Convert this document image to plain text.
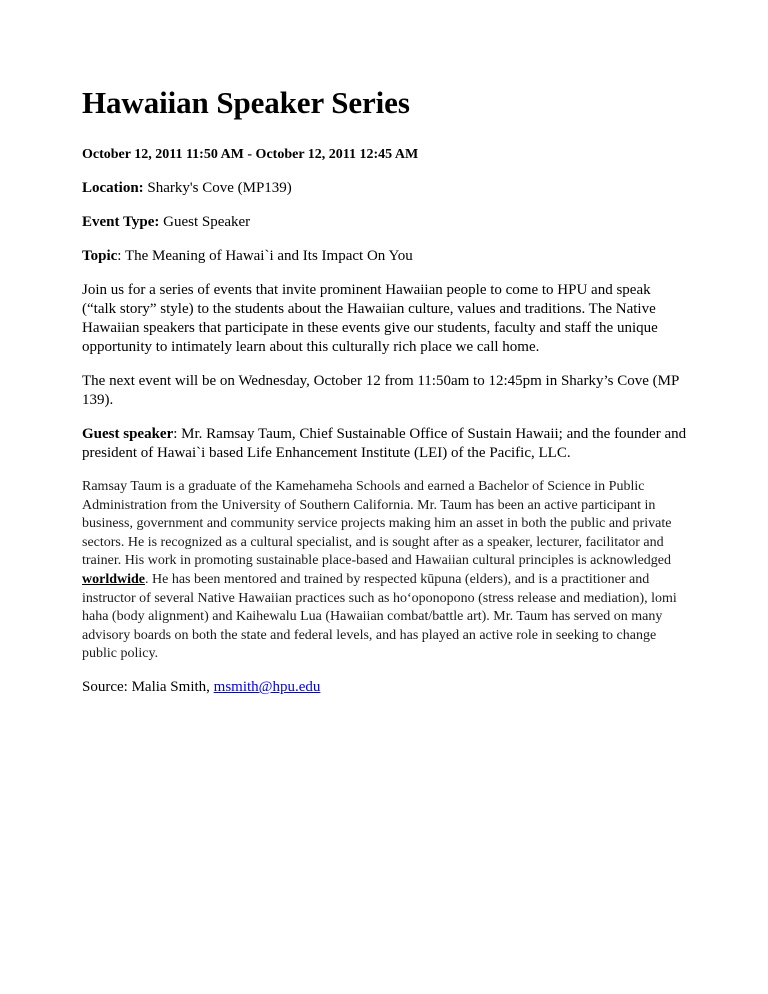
Hawaiian Speaker Series

October 12, 2011 11:50 AM - October 12, 2011 12:45 AM

Location: Sharky's Cove (MP139)

Event Type: Guest Speaker

Topic: The Meaning of Hawai`i and Its Impact On You

Join us for a series of events that invite prominent Hawaiian people to come to HPU and speak (“talk story” style) to the students about the Hawaiian culture, values and traditions. The Native Hawaiian speakers that participate in these events give our students, faculty and staff the unique opportunity to intimately learn about this culturally rich place we call home.

The next event will be on Wednesday, October 12 from 11:50am to 12:45pm in Sharky’s Cove (MP 139).

Guest speaker: Mr. Ramsay Taum, Chief Sustainable Office of Sustain Hawaii; and the founder and president of Hawai`i based Life Enhancement Institute (LEI) of the Pacific, LLC.

Ramsay Taum is a graduate of the Kamehameha Schools and earned a Bachelor of Science in Public Administration from the University of Southern California. Mr. Taum has been an active participant in business, government and community service projects making him an asset in both the public and private sectors. He is recognized as a cultural specialist, and is sought after as a speaker, lecturer, facilitator and trainer. His work in promoting sustainable place-based and Hawaiian cultural principles is acknowledged worldwide. He has been mentored and trained by respected kūpuna (elders), and is a practitioner and instructor of several Native Hawaiian practices such as hoʻoponopono (stress release and mediation), lomi haha (body alignment) and Kaihewalu Lua (Hawaiian combat/battle art). Mr. Taum has served on many advisory boards on both the state and federal levels, and has played an active role in seeking to change public policy.

Source: Malia Smith, msmith@hpu.edu
